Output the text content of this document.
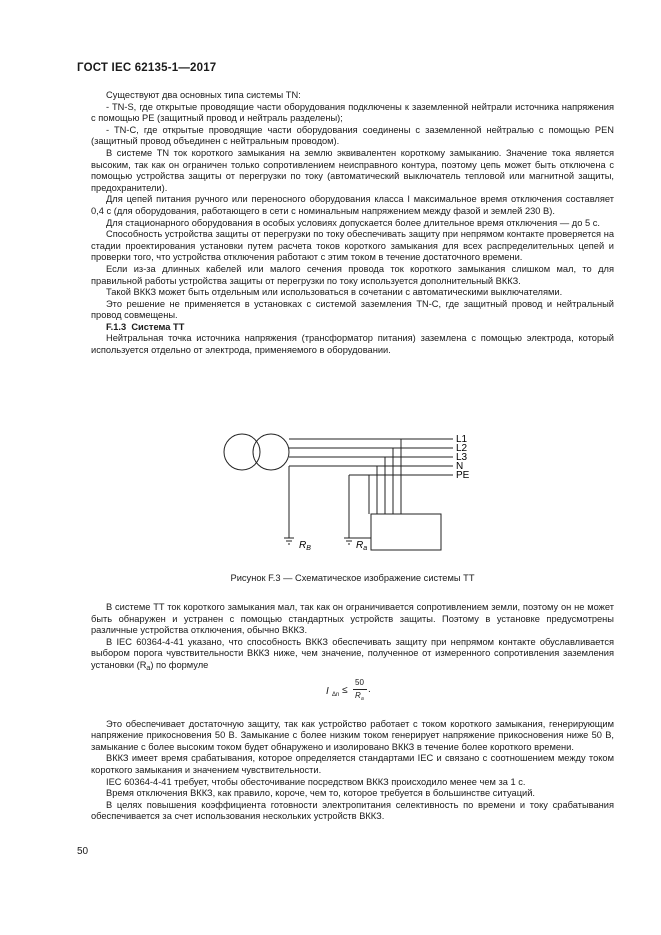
ГОСТ IEC 62135-1—2017

Существуют два основных типа системы TN:

- TN-S, где открытые проводящие части оборудования подключены к заземленной нейтрали источника напряжения с помощью PE (защитный провод и нейтраль разделены);

- TN-C, где открытые проводящие части оборудования соединены с заземленной нейтралью с помощью PEN (защитный провод объединен с нейтральным проводом).

В системе TN ток короткого замыкания на землю эквивалентен короткому замыканию. Значение тока является высоким, так как он ограничен только сопротивлением неисправного контура, поэтому цепь может быть отключена с помощью устройства защиты от перегрузки по току (автоматический выключатель тепловой или магнитной защиты, предохранители).

Для цепей питания ручного или переносного оборудования класса I максимальное время отключения составляет 0,4 с (для оборудования, работающего в сети с номинальным напряжением между фазой и землей 230 В).

Для стационарного оборудования в особых условиях допускается более длительное время отключения — до 5 с.

Способность устройства защиты от перегрузки по току обеспечивать защиту при непрямом контакте проверяется на стадии проектирования установки путем расчета токов короткого замыкания для всех распределительных цепей и проверки того, что устройства отключения работают с этим током в течение достаточного времени.

Если из-за длинных кабелей или малого сечения провода ток короткого замыкания слишком мал, то для правильной работы устройства защиты от перегрузки по току используется дополнительный ВККЗ.

Такой ВККЗ может быть отдельным или использоваться в сочетании с автоматическими выключателями.

Это решение не применяется в установках с системой заземления TN-C, где защитный провод и нейтральный провод совмещены.

F.1.3 Система TT

Нейтральная точка источника напряжения (трансформатор питания) заземлена с помощью электрода, который используется отдельно от электрода, применяемого в оборудовании.

L1
L2
L3
N
PE
$R_B$	$R_a$
Рисунок F.3 — Схематическое изображение системы TT

В системе TT ток короткого замыкания мал, так как он ограничивается сопротивлением земли, поэтому он не может быть обнаружен и устранен с помощью стандартных устройств защиты. Поэтому в установке предусмотрены различные устройства отключения, обычно ВККЗ.

В IEC 60364-4-41 указано, что способность ВККЗ обеспечивать защиту при непрямом контакте обуславливается выбором порога чувствительности ВККЗ ниже, чем значение, полученное от измеренного сопротивления заземления установки $(R_a)$ по формуле

Это обеспечивает достаточную защиту, так как устройство работает с током короткого замыкания, генерирующим напряжение прикосновения 50 В. Замыкание с более низким током генерирует напряжение прикосновения ниже 50 В, замыкание с более высоким током будет обнаружено и изолировано ВККЗ в течение более короткого времени.

ВККЗ имеет время срабатывания, которое определяется стандартами IEC и связано с соотношением между током короткого замыкания и значением чувствительности.

IEC 60364-4-41 требует, чтобы обесточивание посредством ВККЗ происходило менее чем за 1 с.

Время отключения ВККЗ, как правило, короче, чем то, которое требуется в большинстве ситуаций.

В целях повышения коэффициента готовности электропитания селективность по времени и току срабатывания обеспечивается за счет использования нескольких устройств ВККЗ.

I Δn ≤
50
R a
.
50
